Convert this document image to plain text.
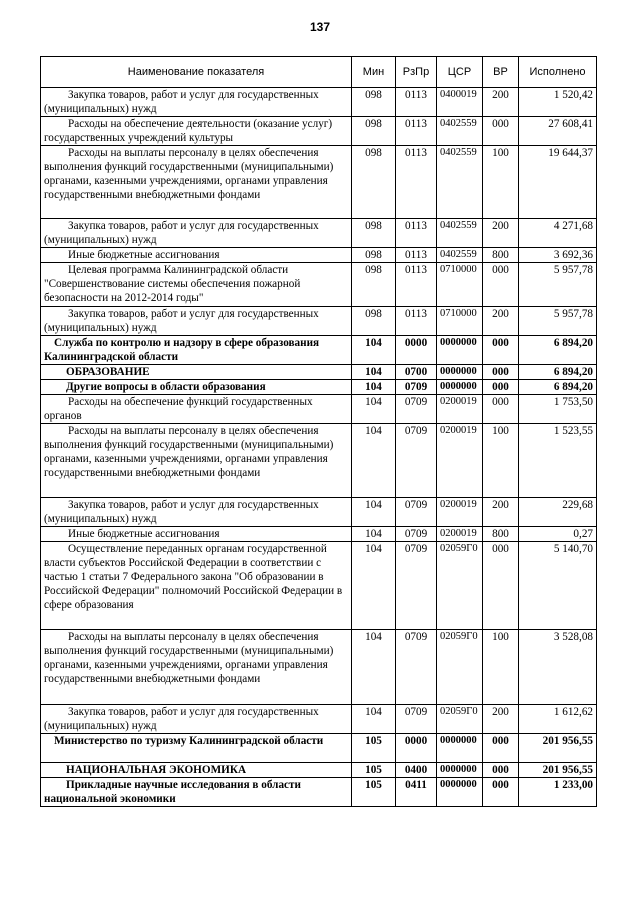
137
Наименование показателя	Мин	РзПр	ЦСР	ВР	Исполнено
Закупка товаров, работ и услуг для государственных (муниципальных) нужд	098	0113	0400019	200	1 520,42
Расходы на обеспечение деятельности (оказание услуг) государственных учреждений культуры	098	0113	0402559	000	27 608,41
Расходы на выплаты персоналу в целях обеспечения выполнения функций государственными (муниципальными) органами, казенными учреждениями, органами управления государственными внебюджетными фондами	098	0113	0402559	100	19 644,37
Закупка товаров, работ и услуг для государственных (муниципальных) нужд	098	0113	0402559	200	4 271,68
Иные бюджетные ассигнования	098	0113	0402559	800	3 692,36
Целевая программа Калининградской области "Совершенствование системы обеспечения пожарной безопасности на 2012-2014 годы"	098	0113	0710000	000	5 957,78
Закупка товаров, работ и услуг для государственных (муниципальных) нужд	098	0113	0710000	200	5 957,78
Служба по контролю и надзору в сфере образования Калининградской области	104	0000	0000000	000	6 894,20
ОБРАЗОВАНИЕ	104	0700	0000000	000	6 894,20
Другие вопросы в области образования	104	0709	0000000	000	6 894,20
Расходы на обеспечение функций государственных органов	104	0709	0200019	000	1 753,50
Расходы на выплаты персоналу в целях обеспечения выполнения функций государственными (муниципальными) органами, казенными учреждениями, органами управления государственными внебюджетными фондами	104	0709	0200019	100	1 523,55
Закупка товаров, работ и услуг для государственных (муниципальных) нужд	104	0709	0200019	200	229,68
Иные бюджетные ассигнования	104	0709	0200019	800	0,27
Осуществление переданных органам государственной власти субъектов Российской Федерации в соответствии с частью 1 статьи 7 Федерального закона "Об образовании в Российской Федерации" полномочий Российской Федерации в сфере образования	104	0709	02059Г0	000	5 140,70
Расходы на выплаты персоналу в целях обеспечения выполнения функций государственными (муниципальными) органами, казенными учреждениями, органами управления государственными внебюджетными фондами	104	0709	02059Г0	100	3 528,08
Закупка товаров, работ и услуг для государственных (муниципальных) нужд	104	0709	02059Г0	200	1 612,62
Министерство по туризму Калининградской области	105	0000	0000000	000	201 956,55
НАЦИОНАЛЬНАЯ ЭКОНОМИКА	105	0400	0000000	000	201 956,55
Прикладные научные исследования в области национальной экономики	105	0411	0000000	000	1 233,00
